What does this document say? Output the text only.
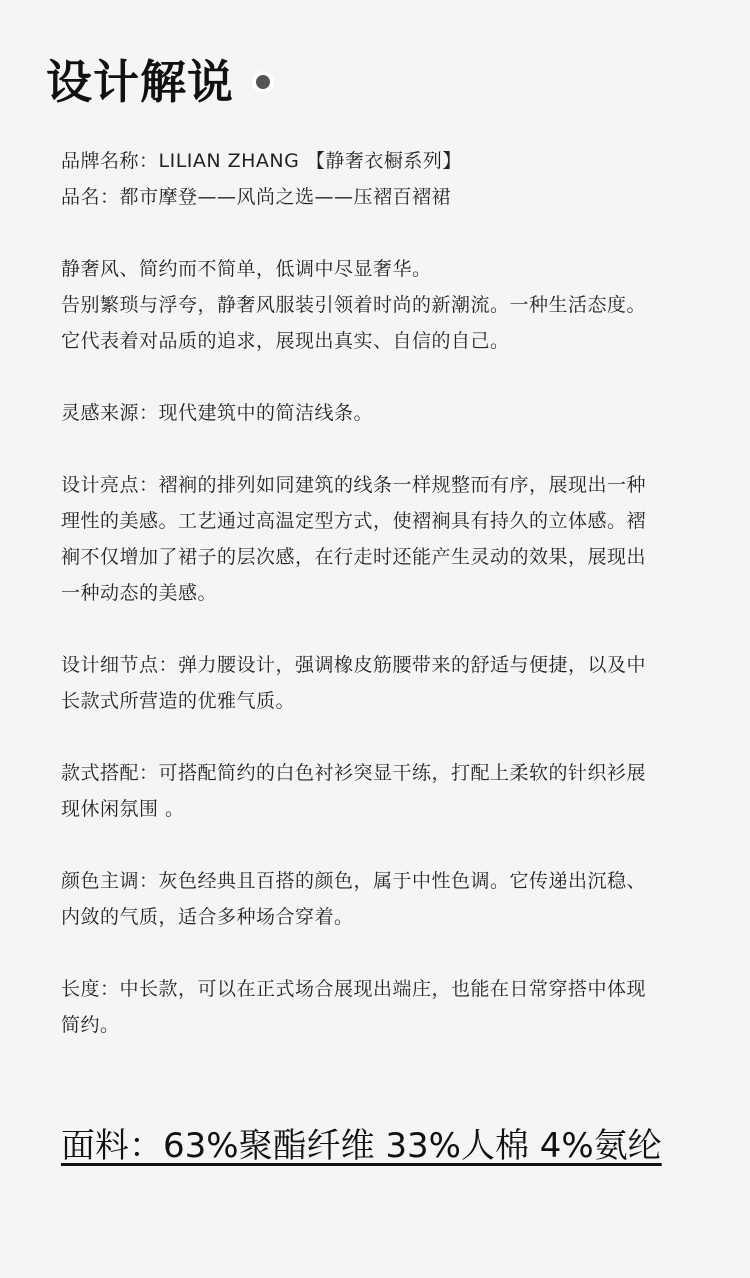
设计解说

品牌名称：LILIAN ZHANG 【静奢衣橱系列】
品名：都市摩登——风尚之选——压褶百褶裙

静奢风、简约而不简单，低调中尽显奢华。
告别繁琐与浮夸，静奢风服装引领着时尚的新潮流。一种生活态度。
它代表着对品质的追求，展现出真实、自信的自己。

灵感来源：现代建筑中的简洁线条。

设计亮点：褶裥的排列如同建筑的线条一样规整而有序，展现出一种
理性的美感。工艺通过高温定型方式，使褶裥具有持久的立体感。褶
裥不仅增加了裙子的层次感，在行走时还能产生灵动的效果，展现出
一种动态的美感。

设计细节点：弹力腰设计，强调橡皮筋腰带来的舒适与便捷，以及中
长款式所营造的优雅气质。

款式搭配：可搭配简约的白色衬衫突显干练，打配上柔软的针织衫展
现休闲氛围 。

颜色主调：灰色经典且百搭的颜色，属于中性色调。它传递出沉稳、
内敛的气质，适合多种场合穿着。

长度：中长款，可以在正式场合展现出端庄，也能在日常穿搭中体现
简约。

面料：63%聚酯纤维 33%人棉 4%氨纶
